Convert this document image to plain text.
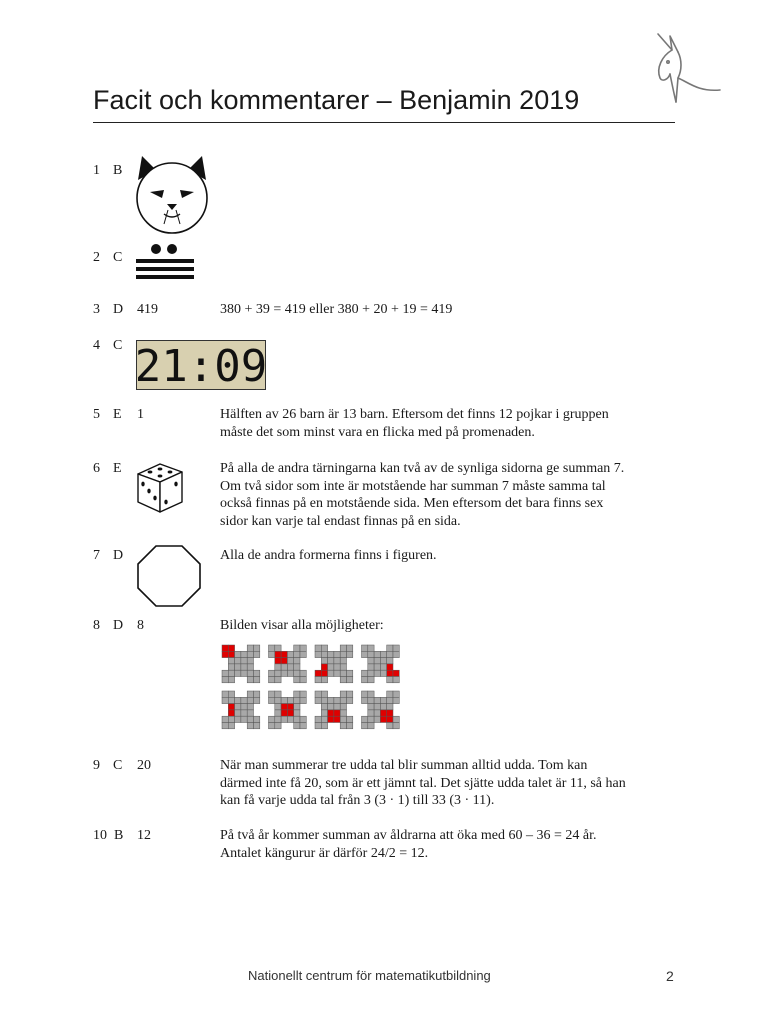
Facit och kommentarer – Benjamin 2019
1 B
2 C
3 D 419	380 + 39 = 419 eller 380 + 20 + 19 = 419
4 C 21:09
5 E 1	Hälften av 26 barn är 13 barn. Eftersom det finns 12 pojkar i gruppen
måste det som minst vara en flicka med på promenaden.
6 E	På alla de andra tärningarna kan två av de synliga sidorna ge summan 7.
Om två sidor som inte är motstående har summan 7 måste samma tal
också finnas på en motstående sida. Men eftersom det bara finns sex
sidor kan varje tal endast finnas på en sida.
7 D	Alla de andra formerna finns i figuren.
8 D 8	Bilden visar alla möjligheter:
9 C 20	När man summerar tre udda tal blir summan alltid udda. Tom kan
därmed inte få 20, som är ett jämnt tal. Det sjätte udda talet är 11, så han
kan få varje udda tal från 3 (3 · 1) till 33 (3 · 11).
10 B 12	På två år kommer summan av åldrarna att öka med 60 – 36 = 24 år.
Antalet kängurur är därför 24/2 = 12.
Nationellt centrum för matematikutbildning	2
